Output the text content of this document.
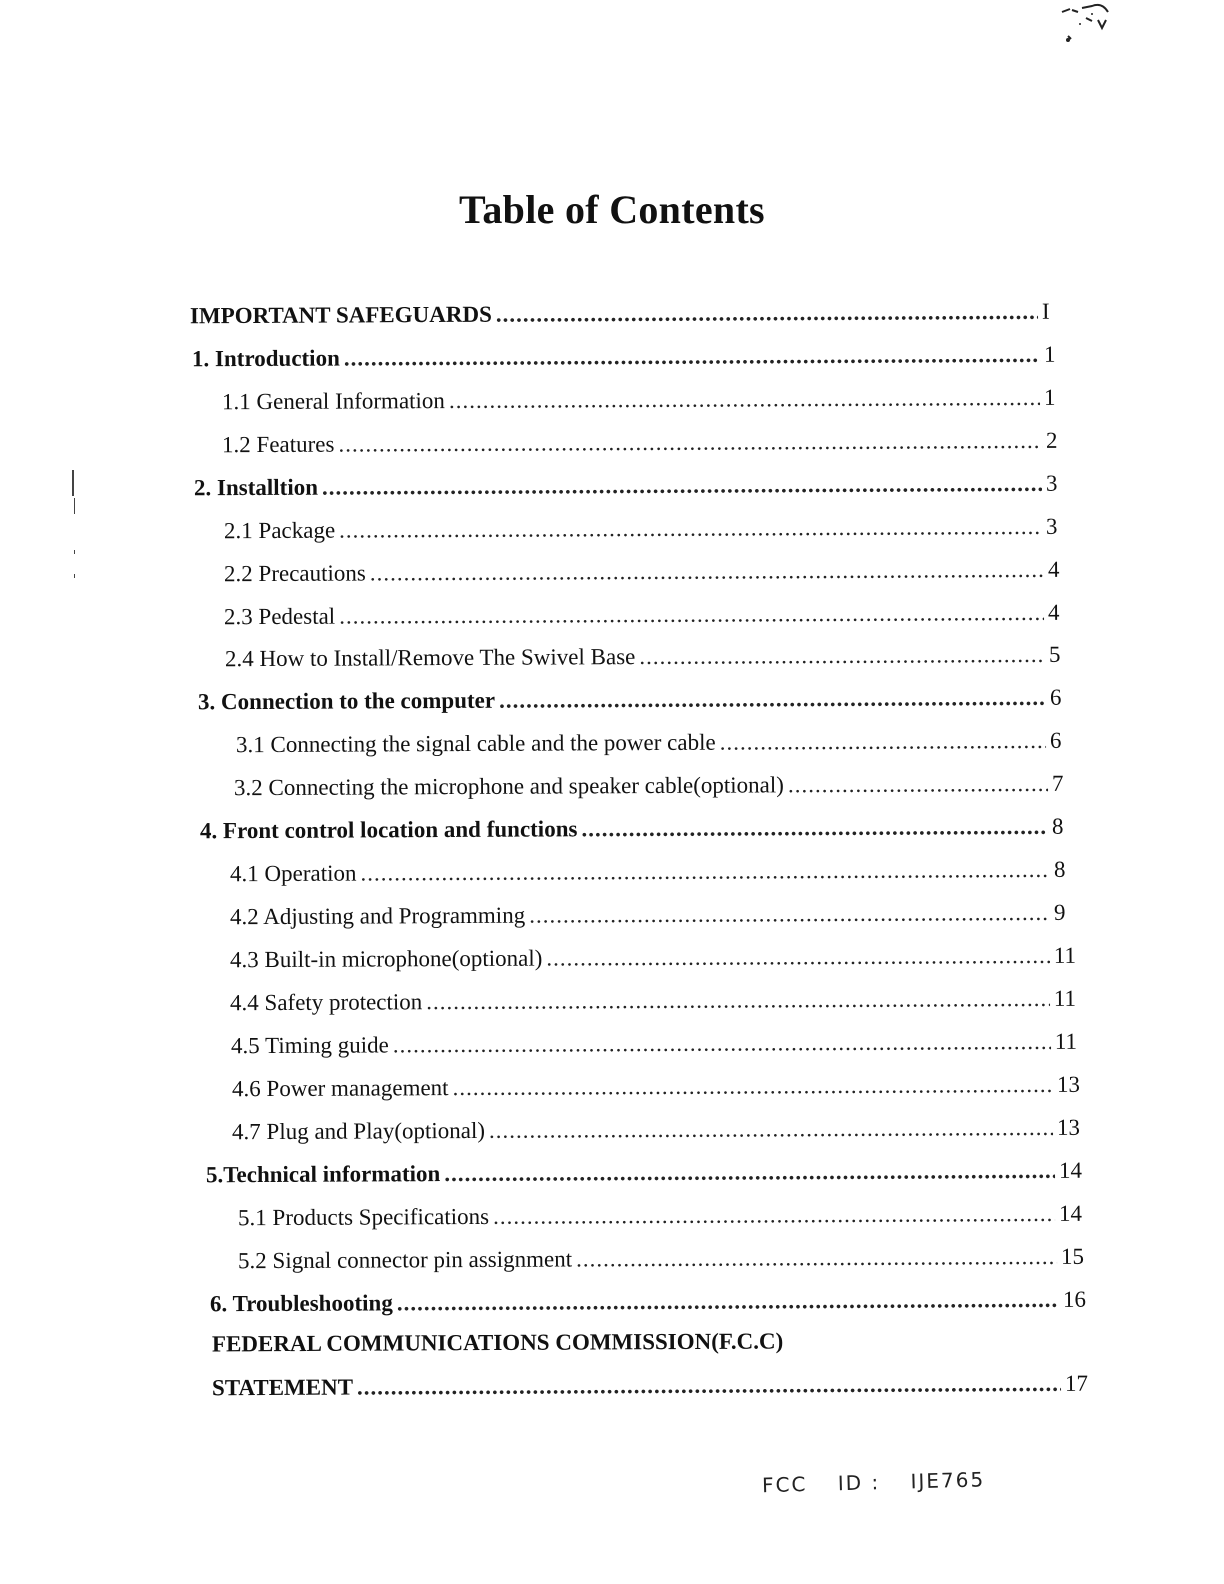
Table of Contents
IMPORTANT SAFEGUARDS .....	I
1. Introduction .....	1
1.1 General Information .....	1
1.2 Features .....	2
2. Installtion .....	3
2.1 Package .....	3
2.2 Precautions .....	4
2.3 Pedestal .....	4
2.4 How to Install/Remove The Swivel Base .....	5
3. Connection to the computer .....	6
3.1 Connecting the signal cable and the power cable .....	6
3.2 Connecting the microphone and speaker cable(optional) .....	7
4. Front control location and functions .....	8
4.1 Operation .....	8
4.2 Adjusting and Programming .....	9
4.3 Built-in microphone(optional) .....	11
4.4 Safety protection .....	11
4.5 Timing guide .....	11
4.6 Power management .....	13
4.7 Plug and Play(optional) .....	13
5.Technical information .....	14
5.1 Products Specifications .....	14
5.2 Signal connector pin assignment .....	15
6. Troubleshooting .....	16
FEDERAL COMMUNICATIONS COMMISSION(F.C.C)
STATEMENT .....	17
FCC ID : IJE765
